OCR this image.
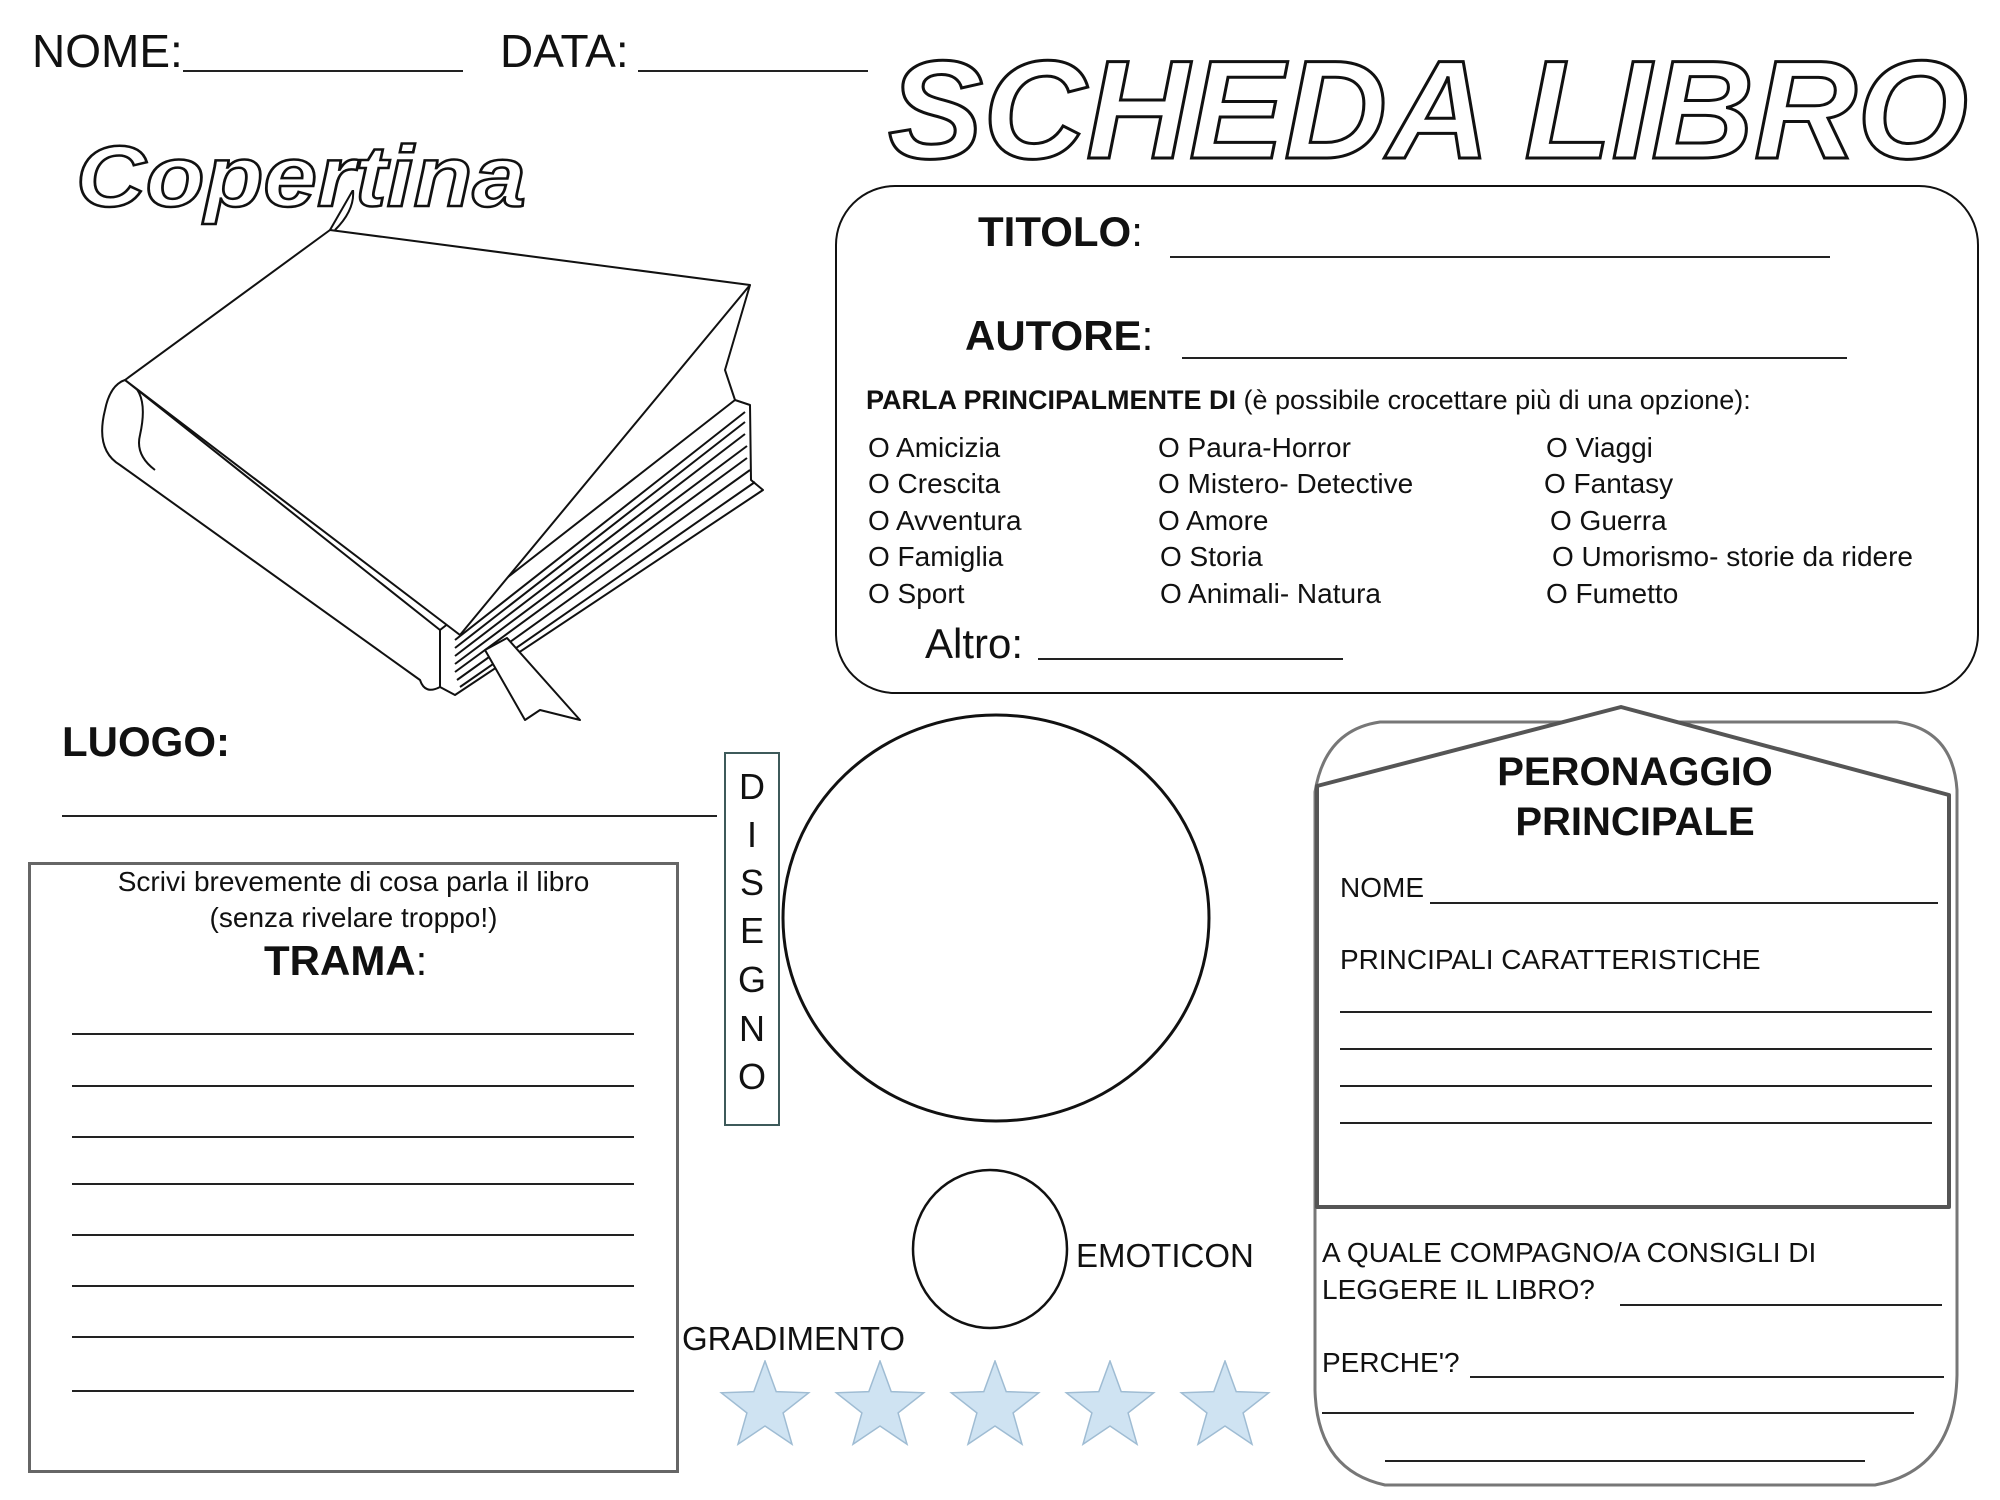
NOME:	DATA: SCHEDA LIBRO
Copertina
TITOLO:
AUTORE:
PARLA PRINCIPALMENTE DI (è possibile crocettare più di una opzione):
O Amicizia
O Crescita
O Avventura
O Famiglia
O Sport
O Paura-Horror
O Mistero- Detective
O Amore
O Storia
O Animali- Natura
O Viaggi
O Fantasy
O Guerra
O Umorismo- storie da ridere
O Fumetto
Altro:
LUOGO:
Scrivi brevemente di cosa parla il libro
(senza rivelare troppo!)
TRAMA:
D
I
S
E
G
N
O
EMOTICON
GRADIMENTO
PERONAGGIO
PRINCIPALE
NOME
PRINCIPALI CARATTERISTICHE
A QUALE COMPAGNO/A CONSIGLI DI
LEGGERE IL LIBRO?
PERCHE'?
